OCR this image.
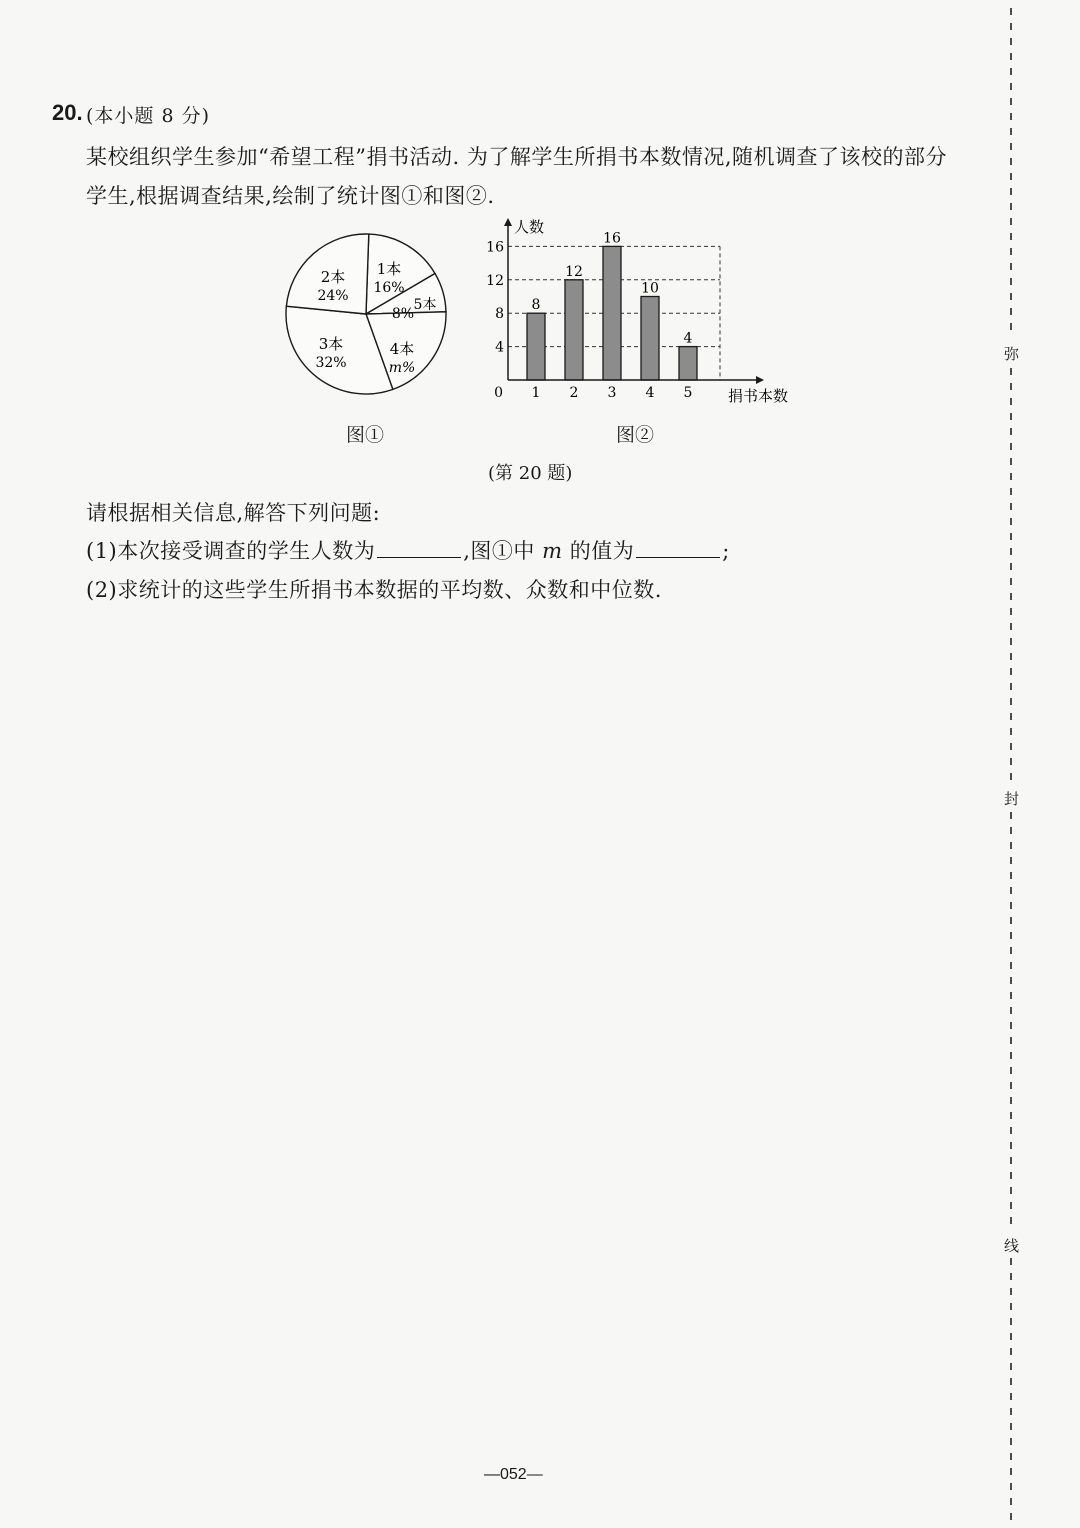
20. (本小题 8 分)
某校组织学生参加“希望工程”捐书活动. 为了解学生所捐书本数情况,随机调查了该校的部分
学生,根据调查结果,绘制了统计图①和图②.
1本
16%
5本
8%
4本
m%
3本
32%
2本
24%
4
8
12
16
8
1
12
2
16
3
10
4
4
5
0
人数
捐书本数
图①	图②
(第 20 题)
请根据相关信息,解答下列问题:
(1)本次接受调查的学生人数为	,图①中 m 的值为	;
(2)求统计的这些学生所捐书本数据的平均数、众数和中位数.
弥
封
线
—052—
